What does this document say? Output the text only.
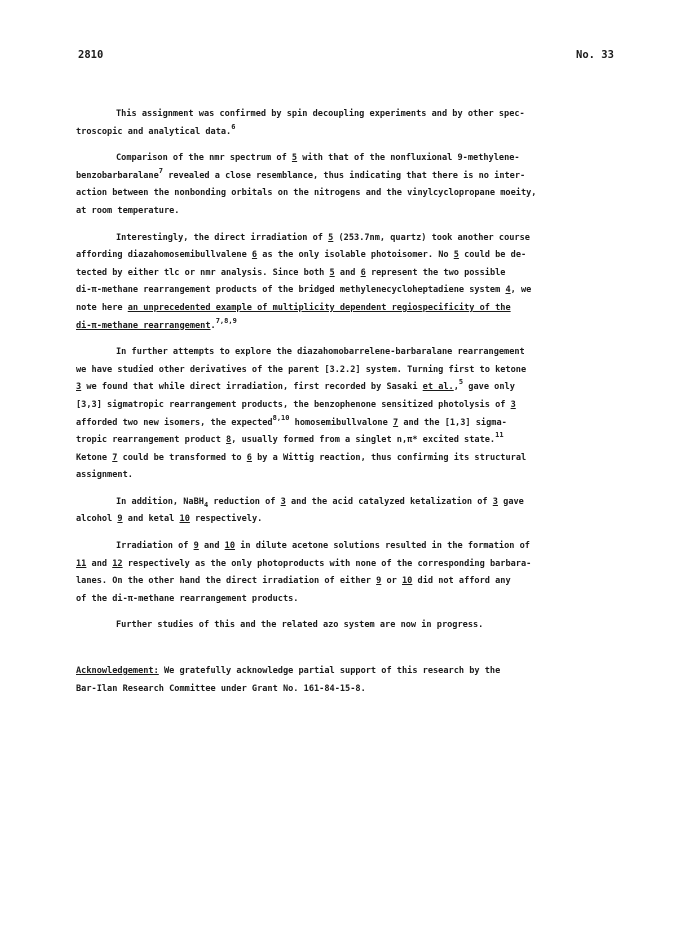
2810	No. 33

This assignment was confirmed by spin decoupling experiments and by other spec-
troscopic and analytical data.$^6$

Comparison of the nmr spectrum of 5 with that of the nonfluxional 9-methylene-
benzobarbaralane$^7$ revealed a close resemblance, thus indicating that there is no inter-
action between the nonbonding orbitals on the nitrogens and the vinylcyclopropane moeity,
at room temperature.

Interestingly, the direct irradiation of 5 (253.7nm, quartz) took another course
affording diazahomosemibullvalene 6 as the only isolable photoisomer. No 5 could be de-
tected by either tlc or nmr analysis. Since both 5 and 6 represent the two possible
di-π-methane rearrangement products of the bridged methylenecycloheptadiene system 4, we
note here an unprecedented example of multiplicity dependent regiospecificity of the
di-π-methane rearrangement.$^{7,8,9}$

In further attempts to explore the diazahomobarrelene-barbaralane rearrangement
we have studied other derivatives of the parent [3.2.2] system. Turning first to ketone
3 we found that while direct irradiation, first recorded by Sasaki et al.,$^5$ gave only
[3,3] sigmatropic rearrangement products, the benzophenone sensitized photolysis of 3
afforded two new isomers, the expected$^{8,10}$ homosemibullvalone 7 and the [1,3] sigma-
tropic rearrangement product 8, usually formed from a singlet n,π* excited state.$^{11}$
Ketone 7 could be transformed to 6 by a Wittig reaction, thus confirming its structural
assignment.

In addition, NaBH$_4$ reduction of 3 and the acid catalyzed ketalization of 3 gave
alcohol 9 and ketal 10 respectively.

Irradiation of 9 and 10 in dilute acetone solutions resulted in the formation of
11 and 12 respectively as the only photoproducts with none of the corresponding barbara-
lanes. On the other hand the direct irradiation of either 9 or 10 did not afford any
of the di-π-methane rearrangement products.

Further studies of this and the related azo system are now in progress.

Acknowledgement: We gratefully acknowledge partial support of this research by the
Bar-Ilan Research Committee under Grant No. 161-84-15-8.
